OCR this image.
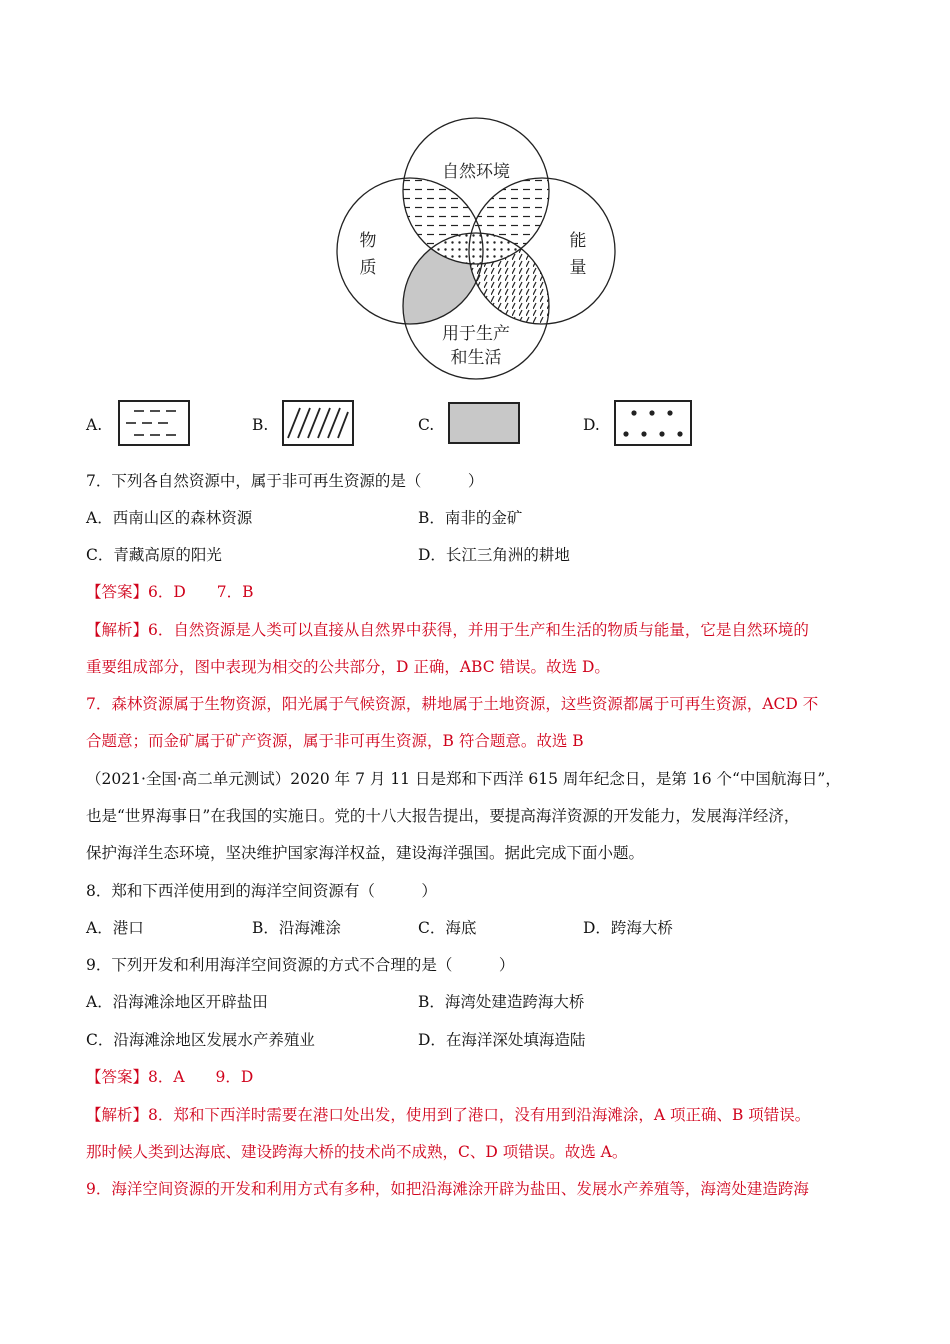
自然环境
物
质
能
量
用于生产
和生活
A.	B.	C.	D.
7．下列各自然资源中，属于非可再生资源的是（　　　）
A．西南山区的森林资源	B．南非的金矿
C．青藏高原的阳光	D．长江三角洲的耕地
【答案】6．D　　7．B
【解析】6．自然资源是人类可以直接从自然界中获得，并用于生产和生活的物质与能量，它是自然环境的
重要组成部分，图中表现为相交的公共部分，D 正确，ABC 错误。故选 D。
7．森林资源属于生物资源，阳光属于气候资源，耕地属于土地资源，这些资源都属于可再生资源，ACD 不
合题意；而金矿属于矿产资源，属于非可再生资源，B 符合题意。故选 B
（2021·全国·高二单元测试）2020 年 7 月 11 日是郑和下西洋 615 周年纪念日，是第 16 个“中国航海日”，
也是“世界海事日”在我国的实施日。党的十八大报告提出，要提高海洋资源的开发能力，发展海洋经济，
保护海洋生态环境，坚决维护国家海洋权益，建设海洋强国。据此完成下面小题。
8．郑和下西洋使用到的海洋空间资源有（　　　）
A．港口	B．沿海滩涂	C．海底	D．跨海大桥
9．下列开发和利用海洋空间资源的方式不合理的是（　　　）
A．沿海滩涂地区开辟盐田	B．海湾处建造跨海大桥
C．沿海滩涂地区发展水产养殖业	D．在海洋深处填海造陆
【答案】8．A　　9．D
【解析】8．郑和下西洋时需要在港口处出发，使用到了港口，没有用到沿海滩涂，A 项正确、B 项错误。
那时候人类到达海底、建设跨海大桥的技术尚不成熟，C、D 项错误。故选 A。
9．海洋空间资源的开发和利用方式有多种，如把沿海滩涂开辟为盐田、发展水产养殖等，海湾处建造跨海
